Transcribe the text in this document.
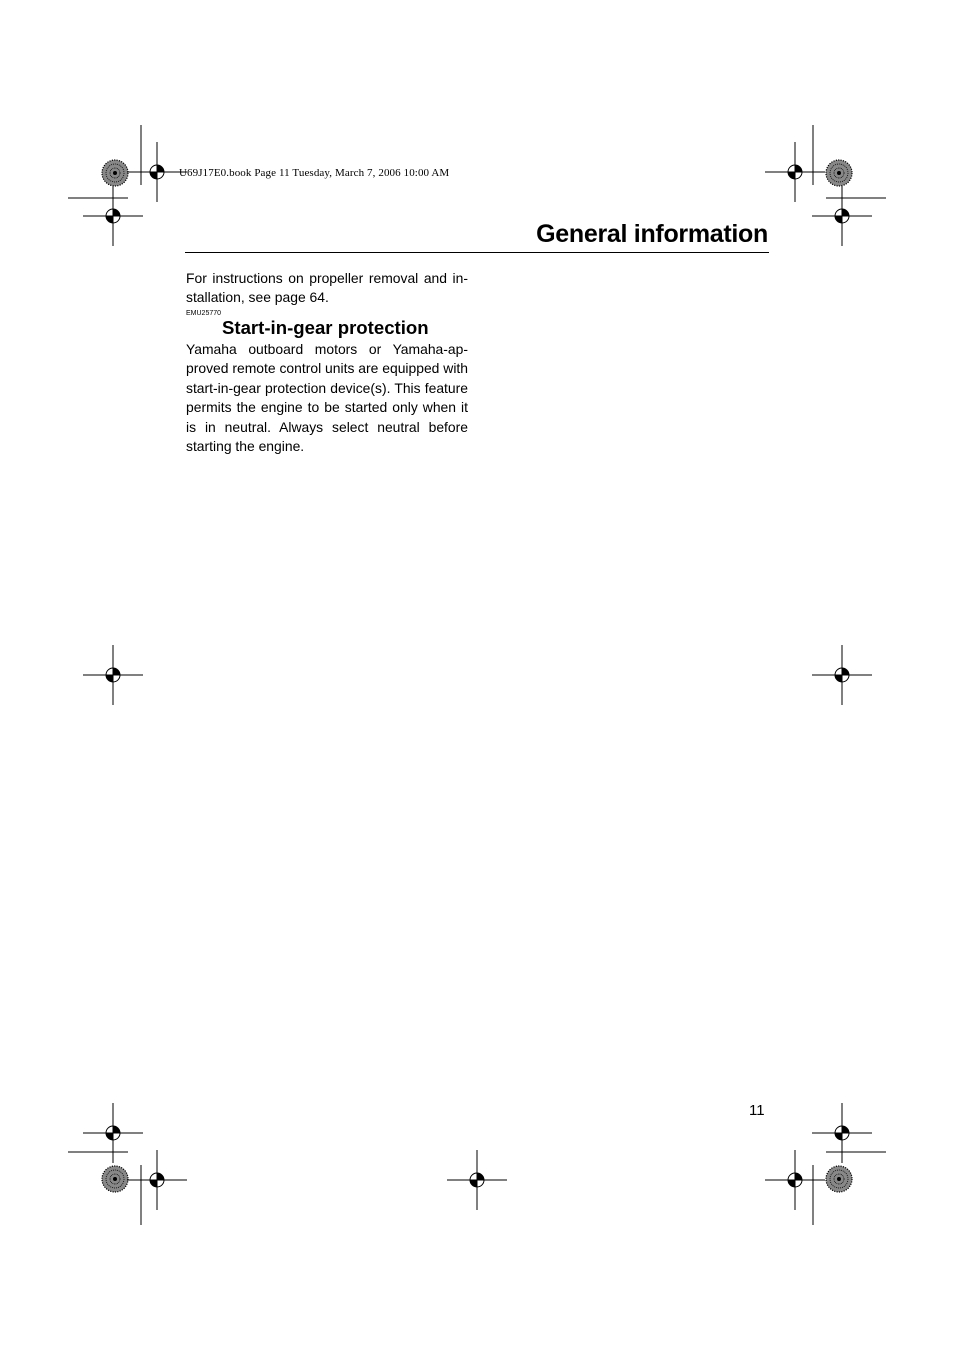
U69J17E0.book Page 11 Tuesday, March 7, 2006 10:00 AM
General information
For instructions on propeller removal and in-stallation, see page 64.
EMU25770
Start-in-gear protection
Yamaha outboard motors or Yamaha-ap-proved remote control units are equipped with start-in-gear protection device(s). This feature permits the engine to be started only when it is in neutral. Always select neutral before starting the engine.
11
